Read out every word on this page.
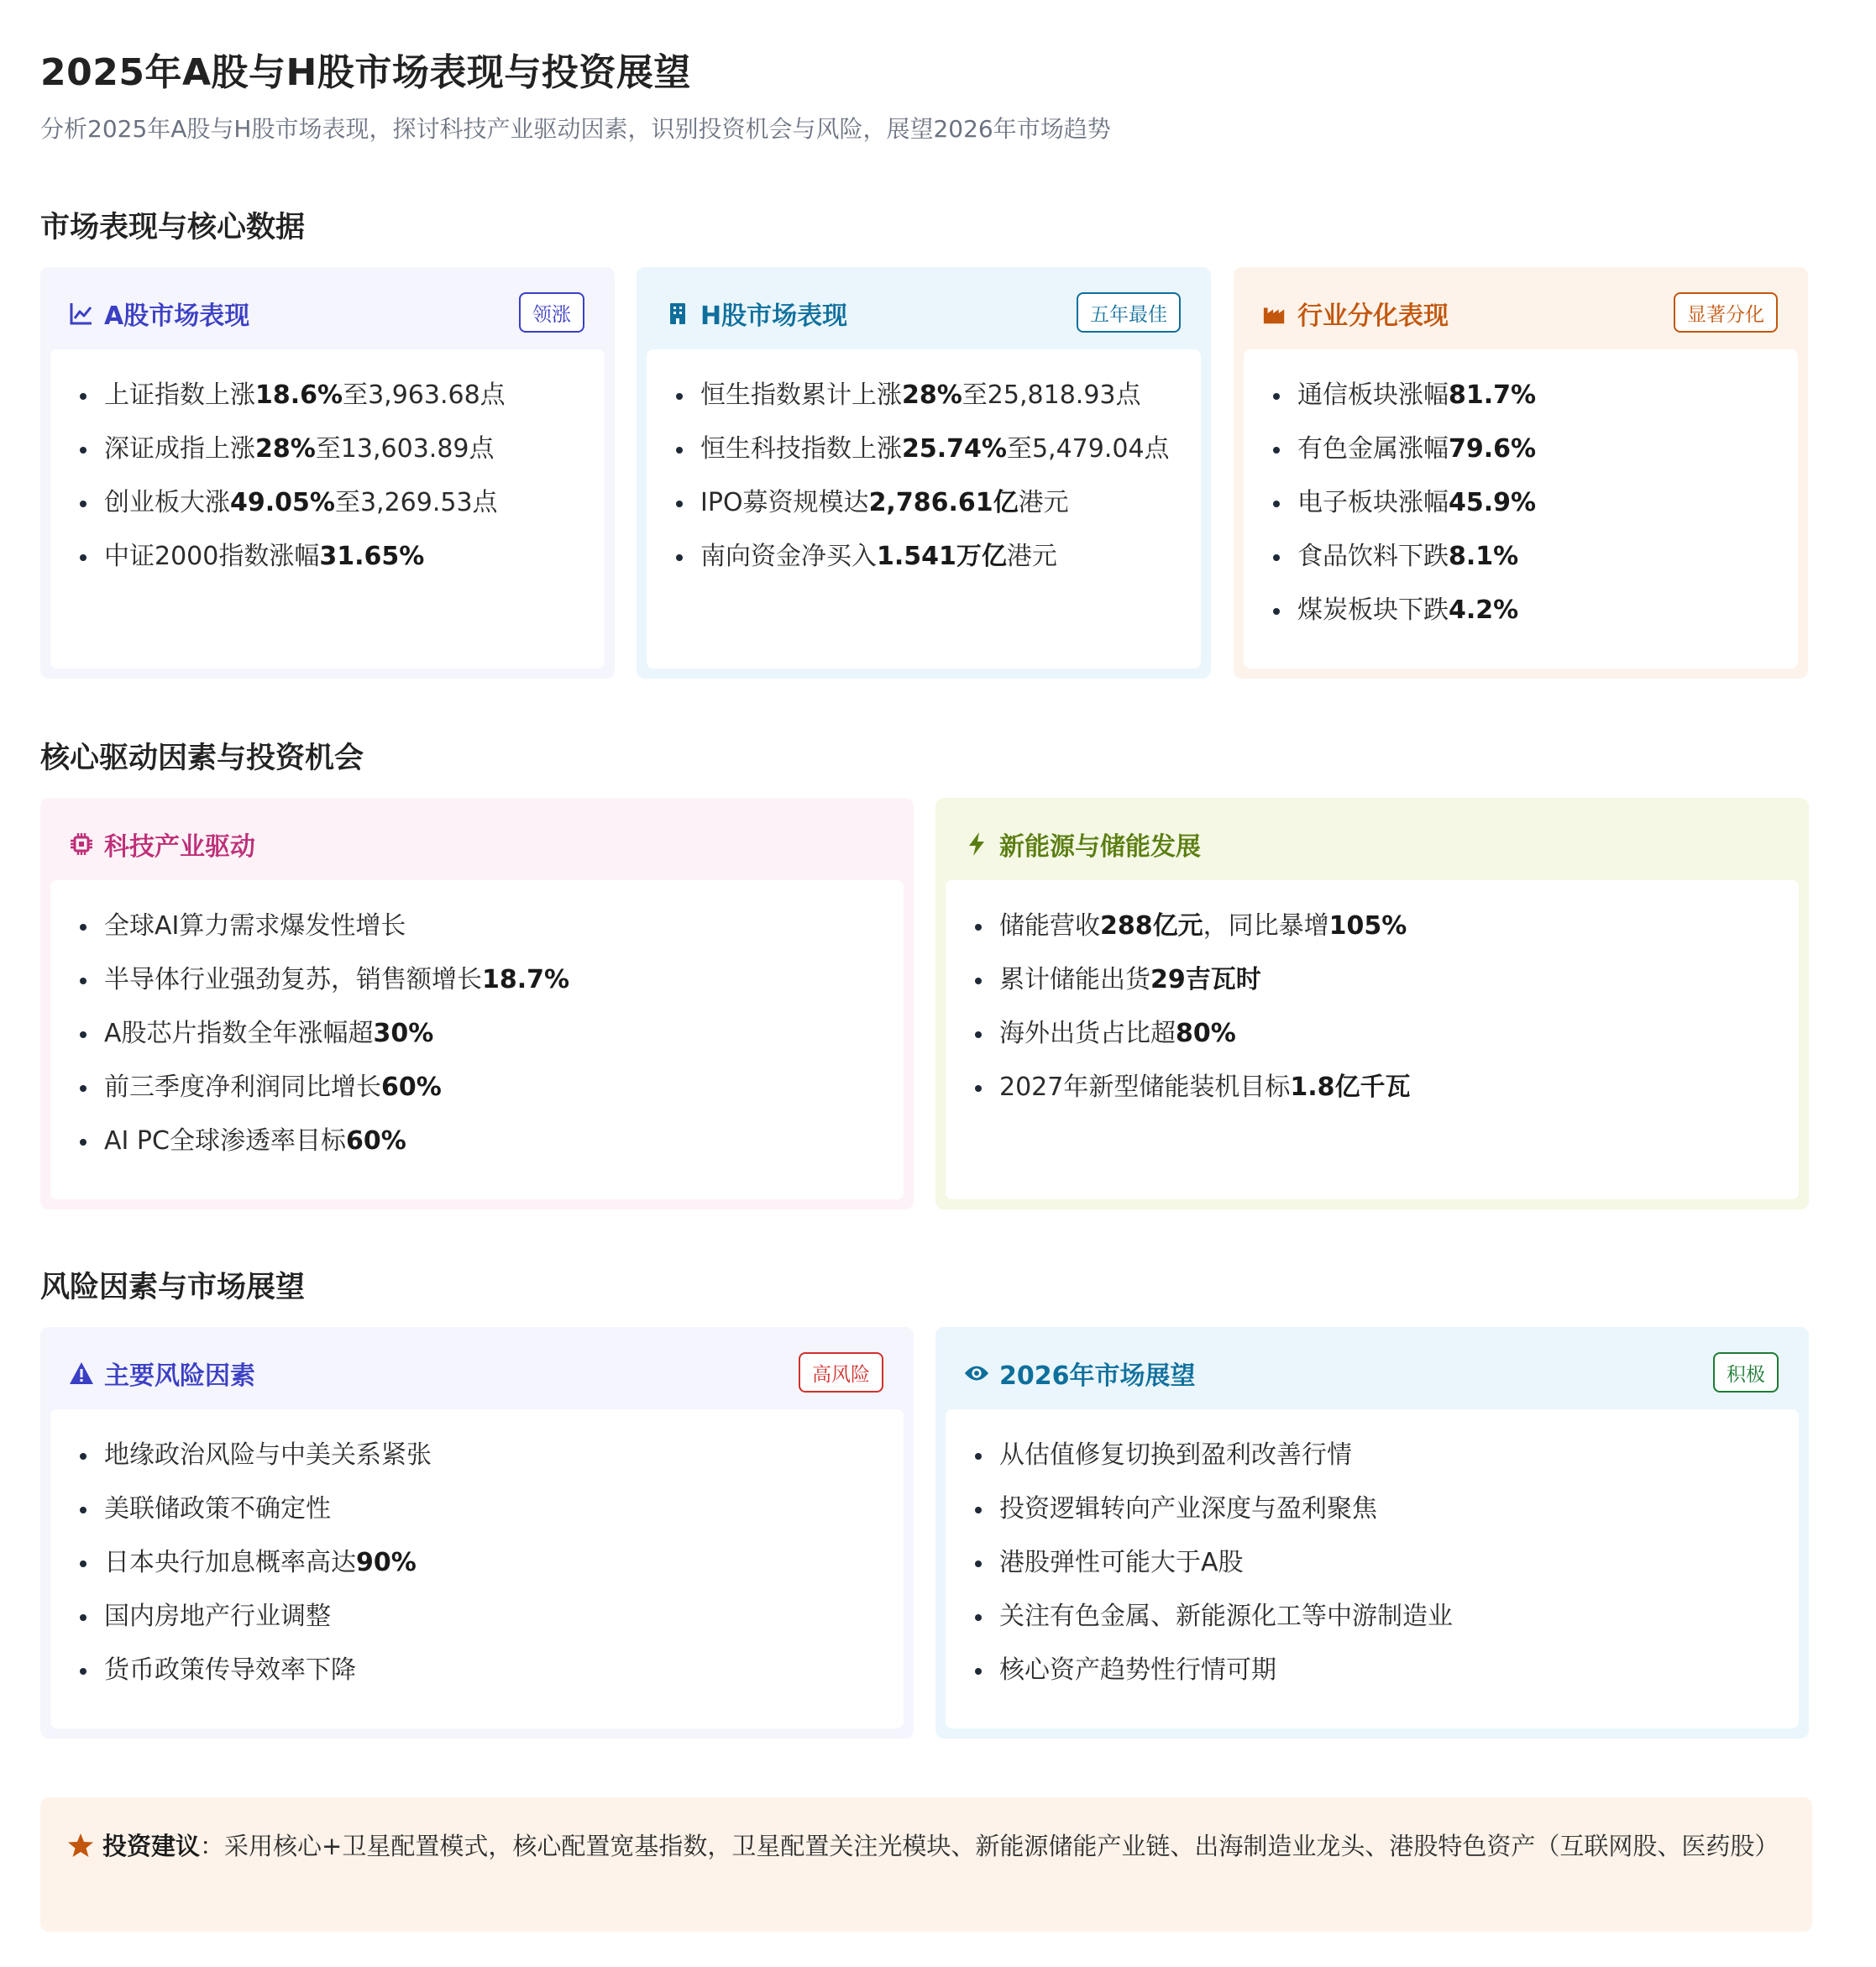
2025年A股与H股市场表现与投资展望

分析2025年A股与H股市场表现，探讨科技产业驱动因素，识别投资机会与风险，展望2026年市场趋势

市场表现与核心数据
A股市场表现	领涨
上证指数上涨18.6%至3,963.68点
深证成指上涨28%至13,603.89点
创业板大涨49.05%至3,269.53点
中证2000指数涨幅31.65%
H股市场表现	五年最佳
恒生指数累计上涨28%至25,818.93点
恒生科技指数上涨25.74%至5,479.04点
IPO募资规模达2,786.61亿港元
南向资金净买入1.541万亿港元
行业分化表现	显著分化
通信板块涨幅81.7%
有色金属涨幅79.6%
电子板块涨幅45.9%
食品饮料下跌8.1%
煤炭板块下跌4.2%
核心驱动因素与投资机会
科技产业驱动
全球AI算力需求爆发性增长
半导体行业强劲复苏，销售额增长18.7%
A股芯片指数全年涨幅超30%
前三季度净利润同比增长60%
AI PC全球渗透率目标60%
新能源与储能发展
储能营收288亿元，同比暴增105%
累计储能出货29吉瓦时
海外出货占比超80%
2027年新型储能装机目标1.8亿千瓦
风险因素与市场展望
主要风险因素	高风险
地缘政治风险与中美关系紧张
美联储政策不确定性
日本央行加息概率高达90%
国内房地产行业调整
货币政策传导效率下降
2026年市场展望	积极
从估值修复切换到盈利改善行情
投资逻辑转向产业深度与盈利聚焦
港股弹性可能大于A股
关注有色金属、新能源化工等中游制造业
核心资产趋势性行情可期

投资建议：采用核心+卫星配置模式，核心配置宽基指数，卫星配置关注光模块、新能源储能产业链、出海制造业龙头、港股特色资产（互联网股、医药股）
